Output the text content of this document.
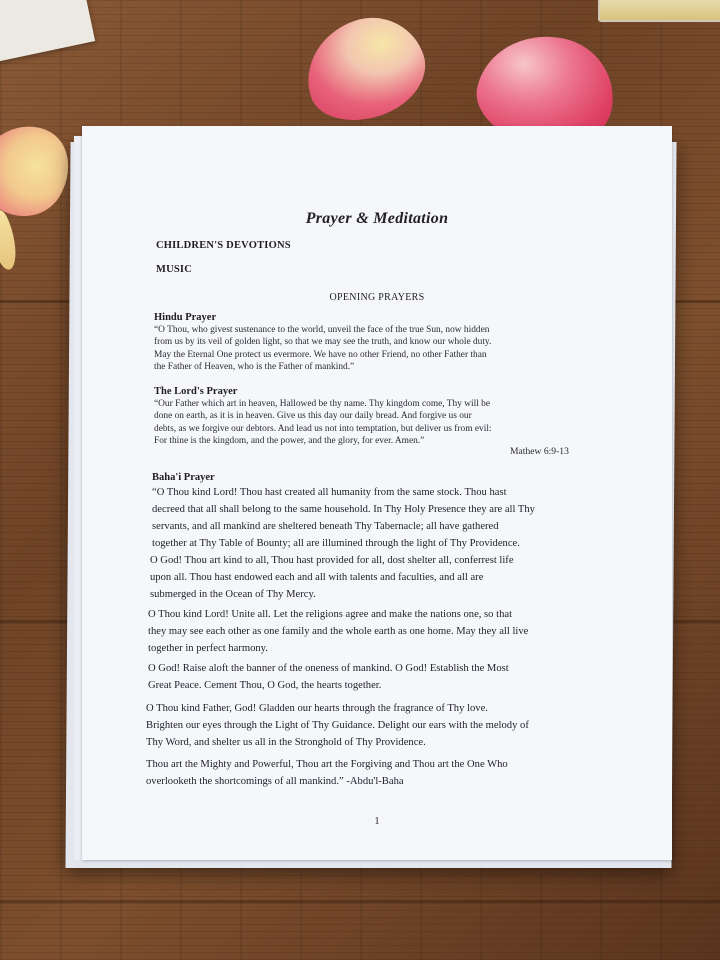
Prayer & Meditation
CHILDREN'S DEVOTIONS
MUSIC
OPENING PRAYERS
Hindu Prayer
“O Thou, who givest sustenance to the world, unveil the face of the true Sun, now hidden
from us by its veil of golden light, so that we may see the truth, and know our whole duty.
May the Eternal One protect us evermore. We have no other Friend, no other Father than
the Father of Heaven, who is the Father of mankind.”
The Lord's Prayer
“Our Father which art in heaven, Hallowed be thy name. Thy kingdom come, Thy will be
done on earth, as it is in heaven. Give us this day our daily bread. And forgive us our
debts, as we forgive our debtors. And lead us not into temptation, but deliver us from evil:
For thine is the kingdom, and the power, and the glory, for ever. Amen.”
Mathew 6:9-13
Baha'i Prayer
“O Thou kind Lord! Thou hast created all humanity from the same stock. Thou hast
decreed that all shall belong to the same household. In Thy Holy Presence they are all Thy
servants, and all mankind are sheltered beneath Thy Tabernacle; all have gathered
together at Thy Table of Bounty; all are illumined through the light of Thy Providence.
O God! Thou art kind to all, Thou hast provided for all, dost shelter all, conferrest life
upon all. Thou hast endowed each and all with talents and faculties, and all are
submerged in the Ocean of Thy Mercy.
O Thou kind Lord! Unite all. Let the religions agree and make the nations one, so that
they may see each other as one family and the whole earth as one home. May they all live
together in perfect harmony.
O God! Raise aloft the banner of the oneness of mankind. O God! Establish the Most
Great Peace. Cement Thou, O God, the hearts together.
O Thou kind Father, God! Gladden our hearts through the fragrance of Thy love.
Brighten our eyes through the Light of Thy Guidance. Delight our ears with the melody of
Thy Word, and shelter us all in the Stronghold of Thy Providence.
Thou art the Mighty and Powerful, Thou art the Forgiving and Thou art the One Who
overlooketh the shortcomings of all mankind.” -Abdu'l-Baha
1
